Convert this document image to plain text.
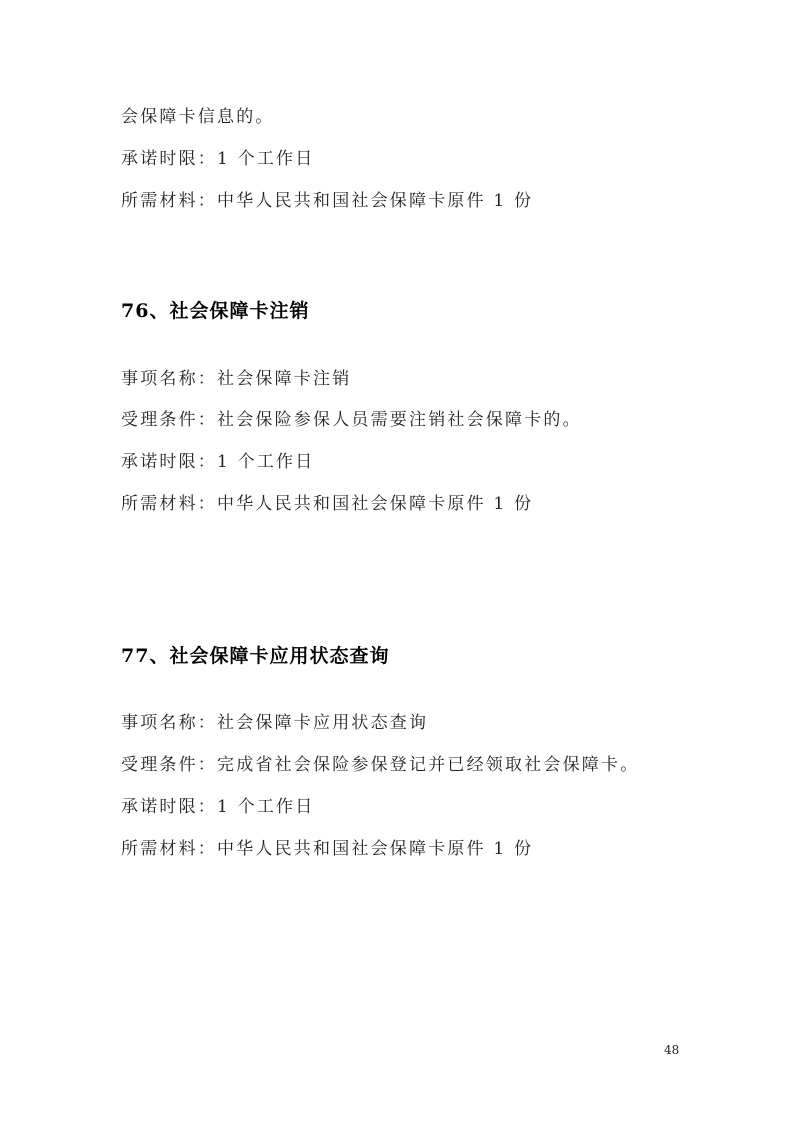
会保障卡信息的。
承诺时限：1 个工作日
所需材料：中华人民共和国社会保障卡原件 1 份
76、社会保障卡注销
事项名称：社会保障卡注销
受理条件：社会保险参保人员需要注销社会保障卡的。
承诺时限：1 个工作日
所需材料：中华人民共和国社会保障卡原件 1 份
77、社会保障卡应用状态查询
事项名称：社会保障卡应用状态查询
受理条件：完成省社会保险参保登记并已经领取社会保障卡。
承诺时限：1 个工作日
所需材料：中华人民共和国社会保障卡原件 1 份
48
